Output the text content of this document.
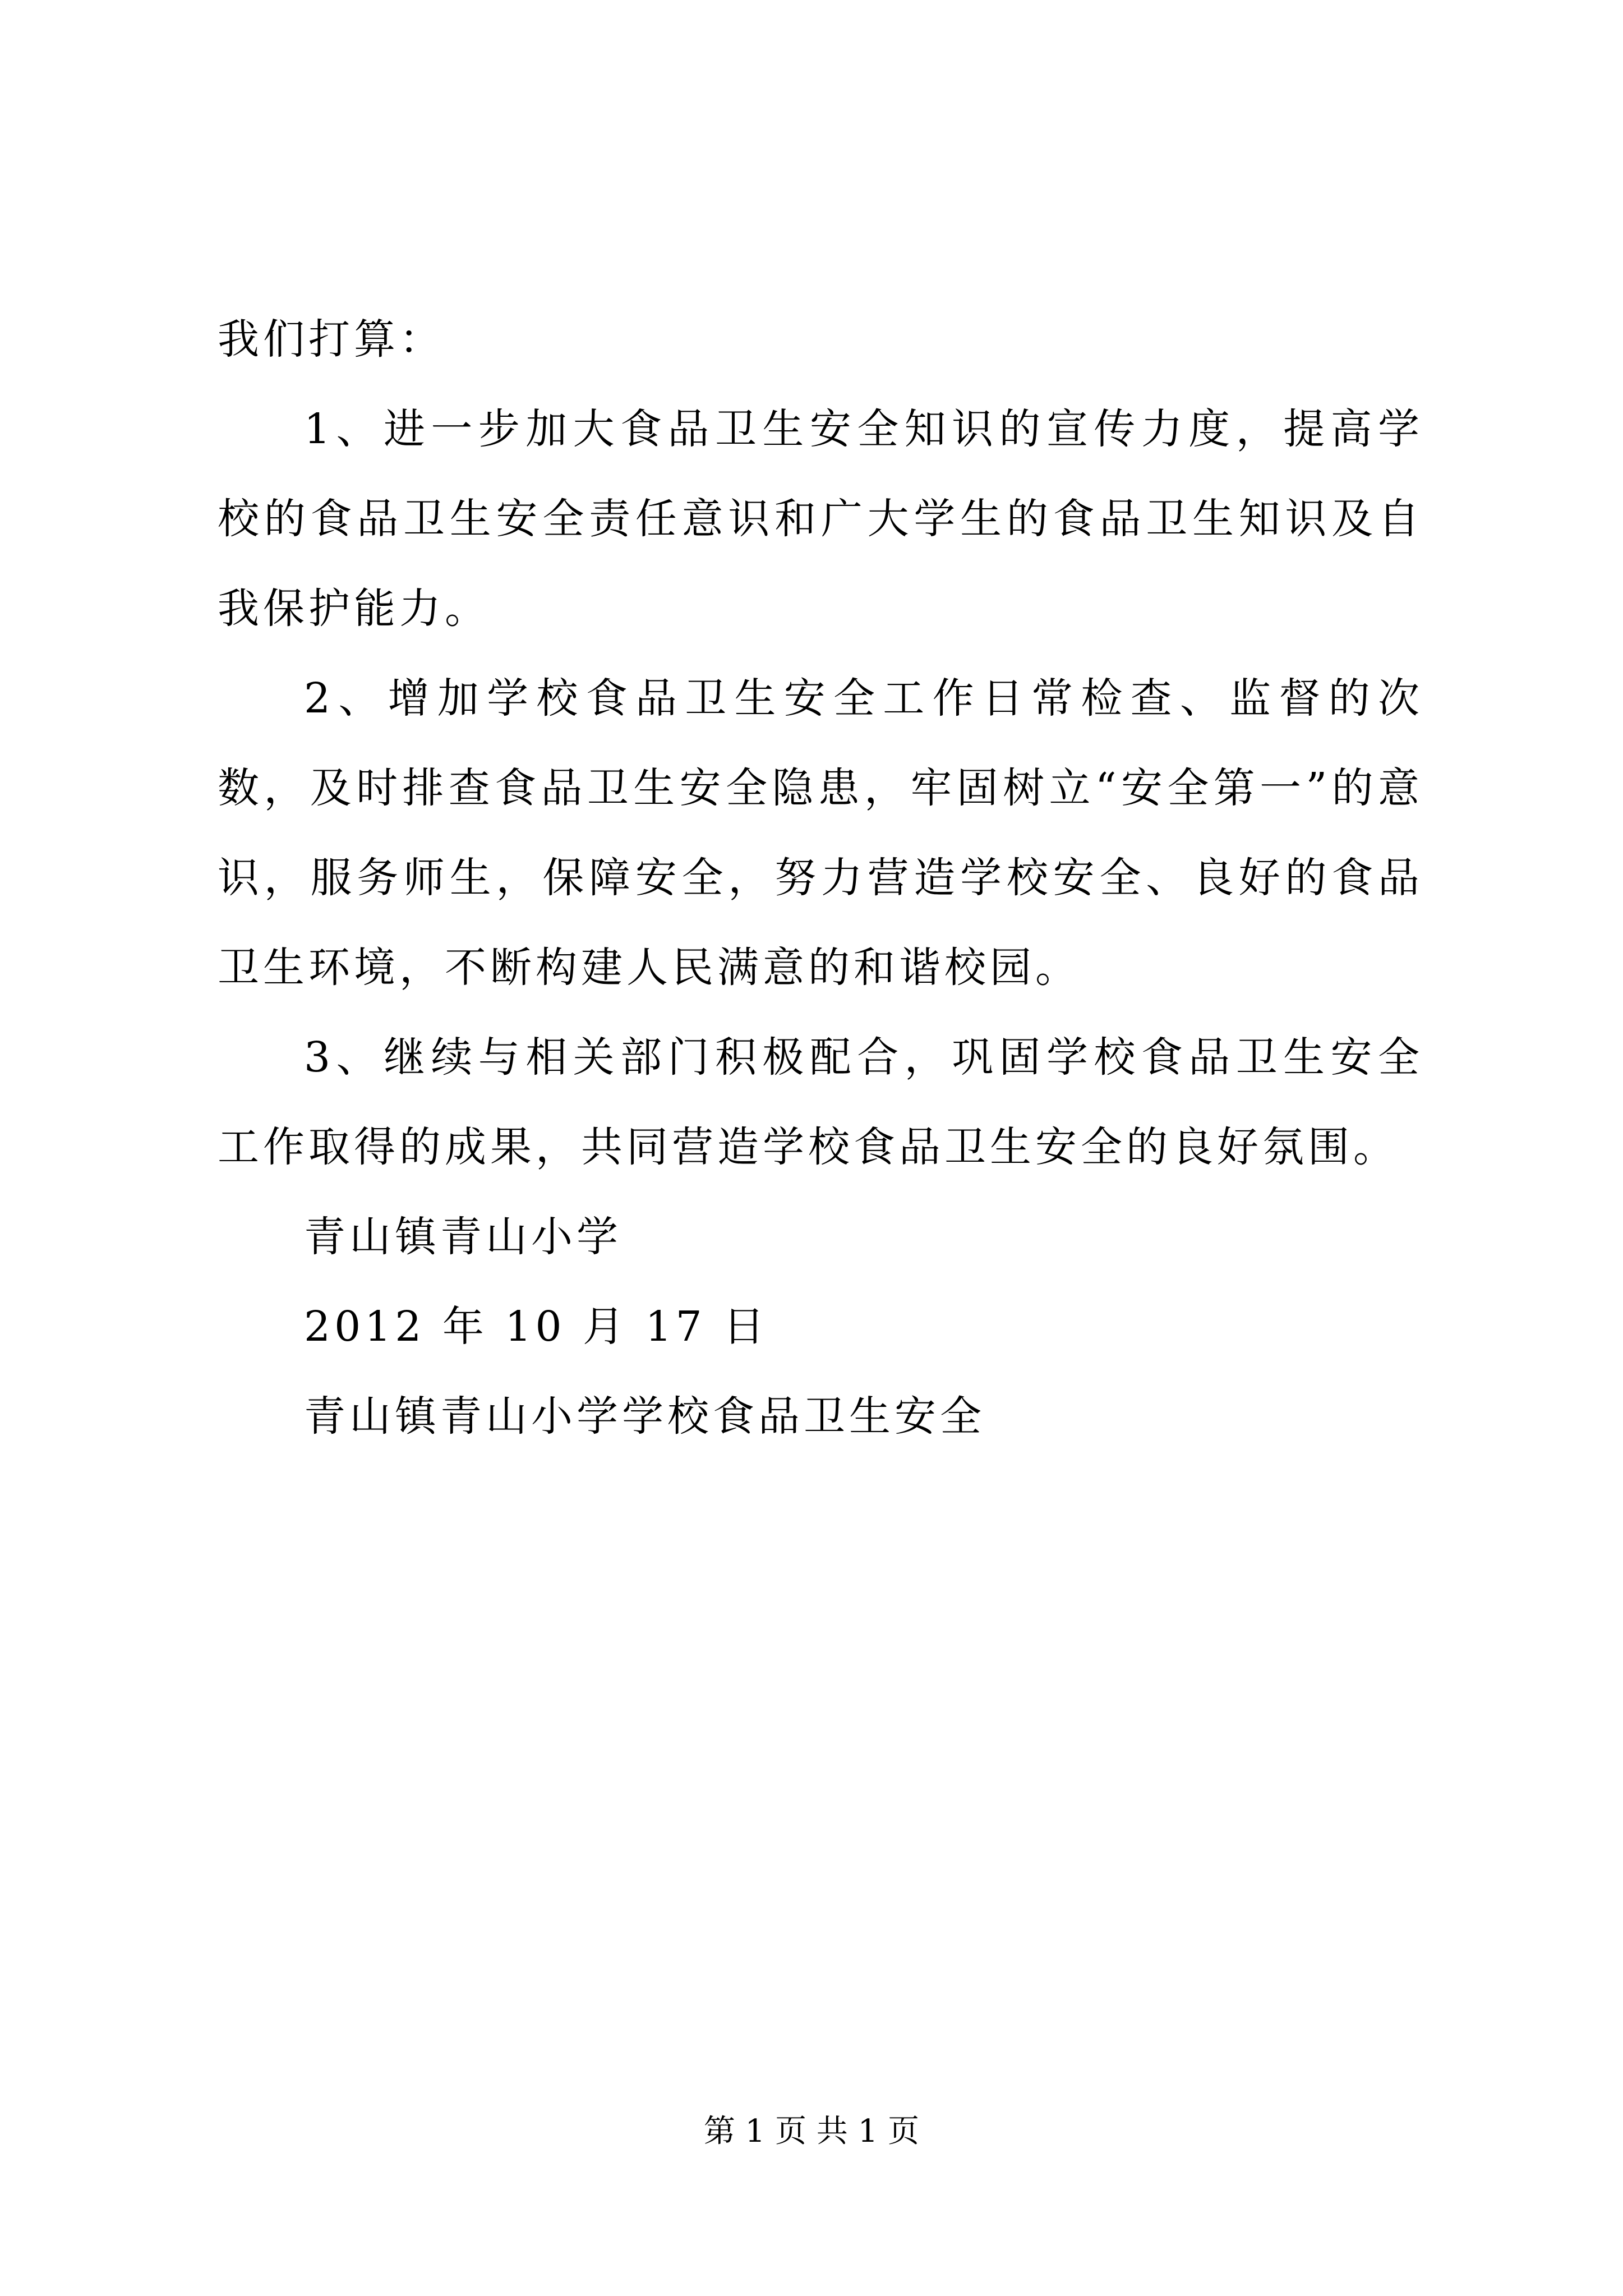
我们打算：

1、进一步加大食品卫生安全知识的宣传力度，提高学校的食品卫生安全责任意识和广大学生的食品卫生知识及自我保护能力。

2、增加学校食品卫生安全工作日常检查、监督的次数，及时排查食品卫生安全隐患，牢固树立“安全第一”的意识，服务师生，保障安全，努力营造学校安全、良好的食品卫生环境，不断构建人民满意的和谐校园。

3、继续与相关部门积极配合，巩固学校食品卫生安全工作取得的成果，共同营造学校食品卫生安全的良好氛围。

青山镇青山小学
2012 年 10 月 17 日
青山镇青山小学学校食品卫生安全
第 1 页 共 1 页
